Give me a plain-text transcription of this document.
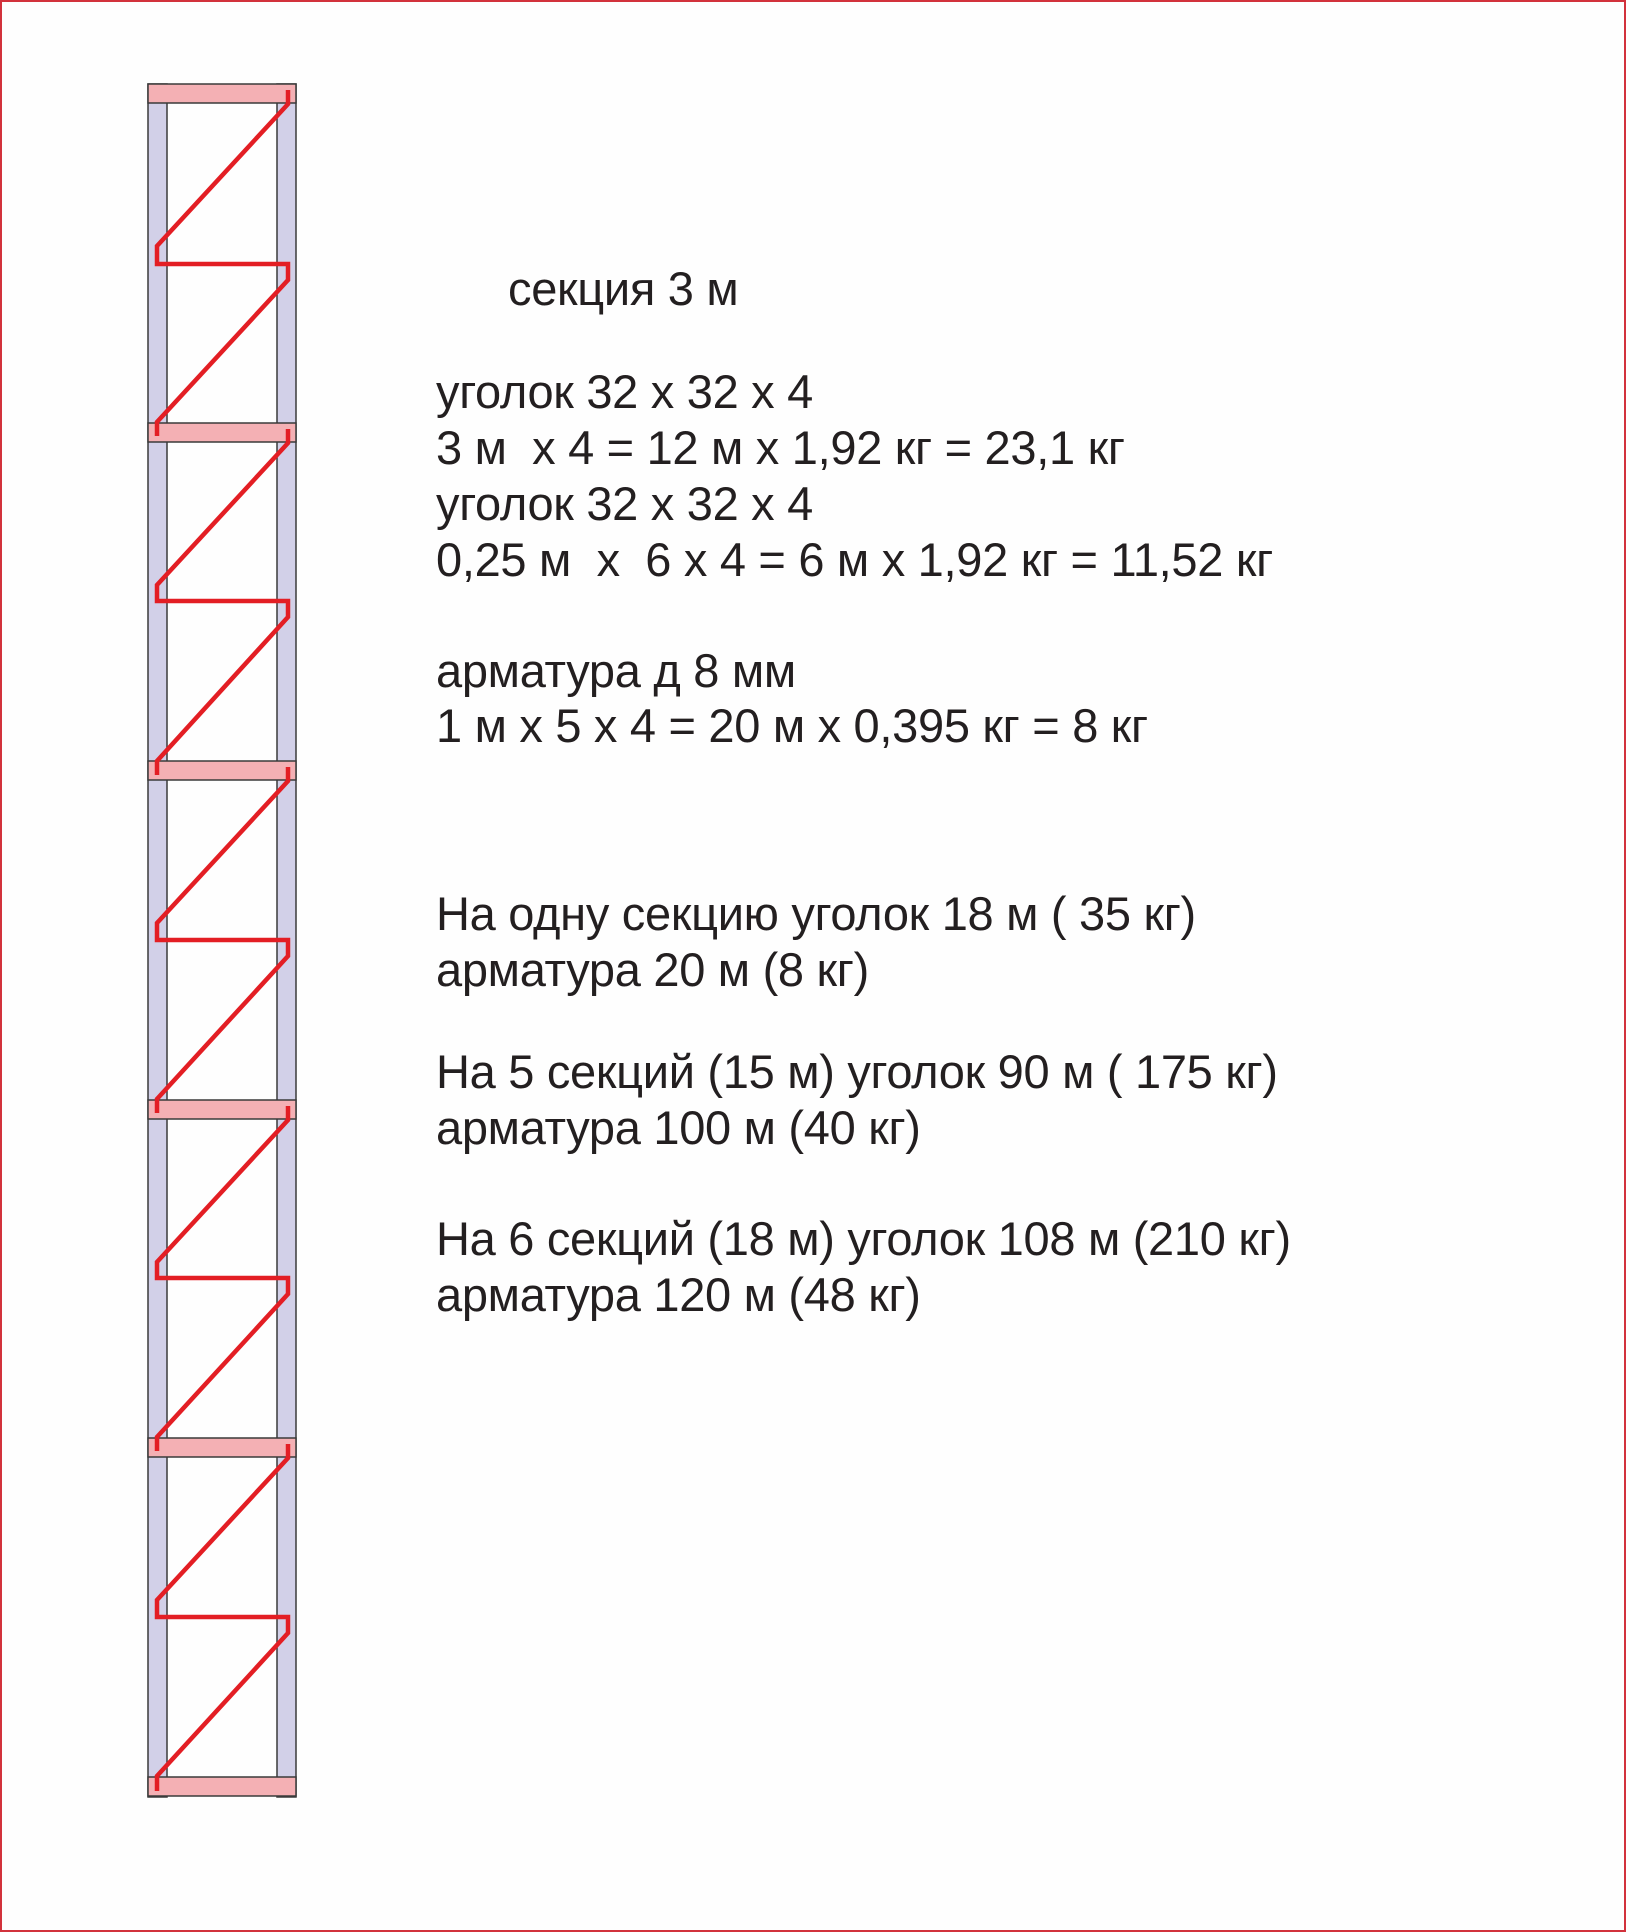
секция 3 м
уголок 32 x 32 x 4
3 м  x 4 = 12 м x 1,92 кг = 23,1 кг
уголок 32 x 32 x 4
0,25 м  x  6 x 4 = 6 м x 1,92 кг = 11,52 кг
арматура д 8 мм
1 м x 5 x 4 = 20 м x 0,395 кг = 8 кг
На одну секцию уголок 18 м ( 35 кг)
арматура 20 м (8 кг)
На 5 секций (15 м) уголок 90 м ( 175 кг)
арматура 100 м (40 кг)
На 6 секций (18 м) уголок 108 м (210 кг)
арматура 120 м (48 кг)
